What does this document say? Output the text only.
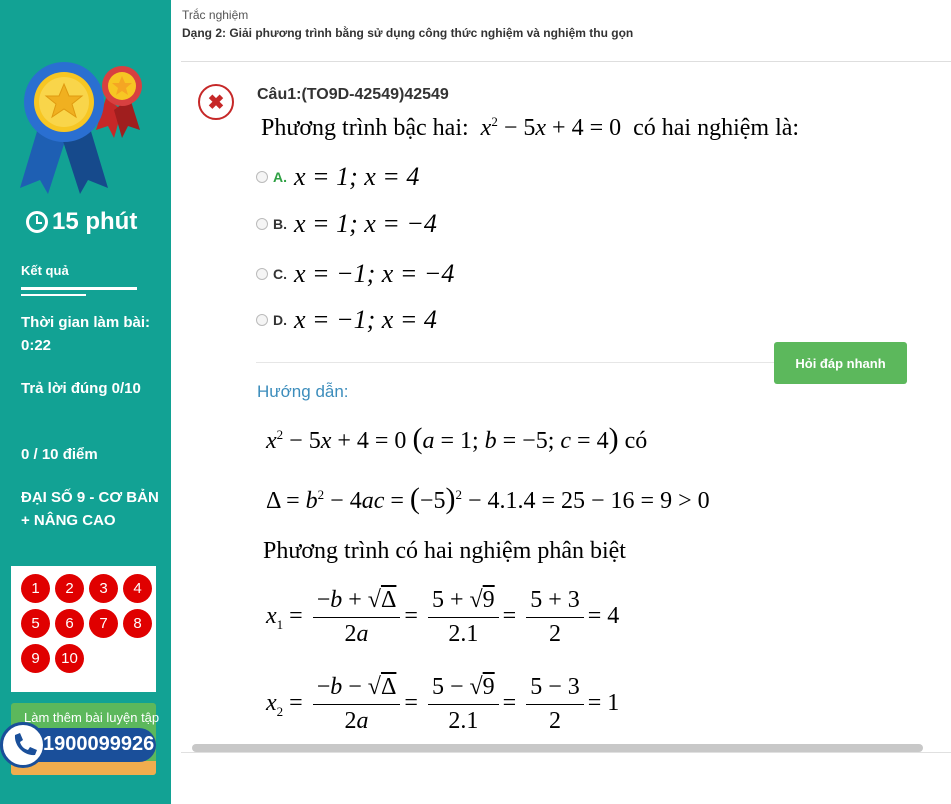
15 phút
Kết quả
Thời gian làm bài: 0:22
Trả lời đúng 0/10
0 / 10 điểm
ĐẠI SỐ 9 - CƠ BẢN + NÂNG CAO
1	2	3	4
5	6	7	8
9	10
Làm thêm bài luyện tập
1900099926
Trắc nghiệm
Dạng 2: Giải phương trình bằng sử dụng công thức nghiệm và nghiệm thu gọn
✖	Câu1:(TO9D-42549)42549
Phương trình bậc hai: $x^2 - 5x + 4 = 0$  có hai nghiệm là:
A. x = 1; x = 4
B. x = 1; x = −4
C. x = −1; x = −4
D. x = −1; x = 4
Hỏi đáp nhanh
Hướng dẫn:
$x^2 - 5x + 4 = 0$ (a = 1; b = −5; c = 4) có
$\Delta = b^2 - 4ac = (-5)^2 - 4.1.4 = 25 - 16 = 9 > 0$
Phương trình có hai nghiệm phân biệt
$x_1 = \frac{-b + √\Delta}{2a} = \frac{5 + √9}{2.1} = \frac{5 + 3}{2} = 4$
$x_2 = \frac{-b - √\Delta}{2a} = \frac{5 - √9}{2.1} = \frac{5 - 3}{2} = 1$
